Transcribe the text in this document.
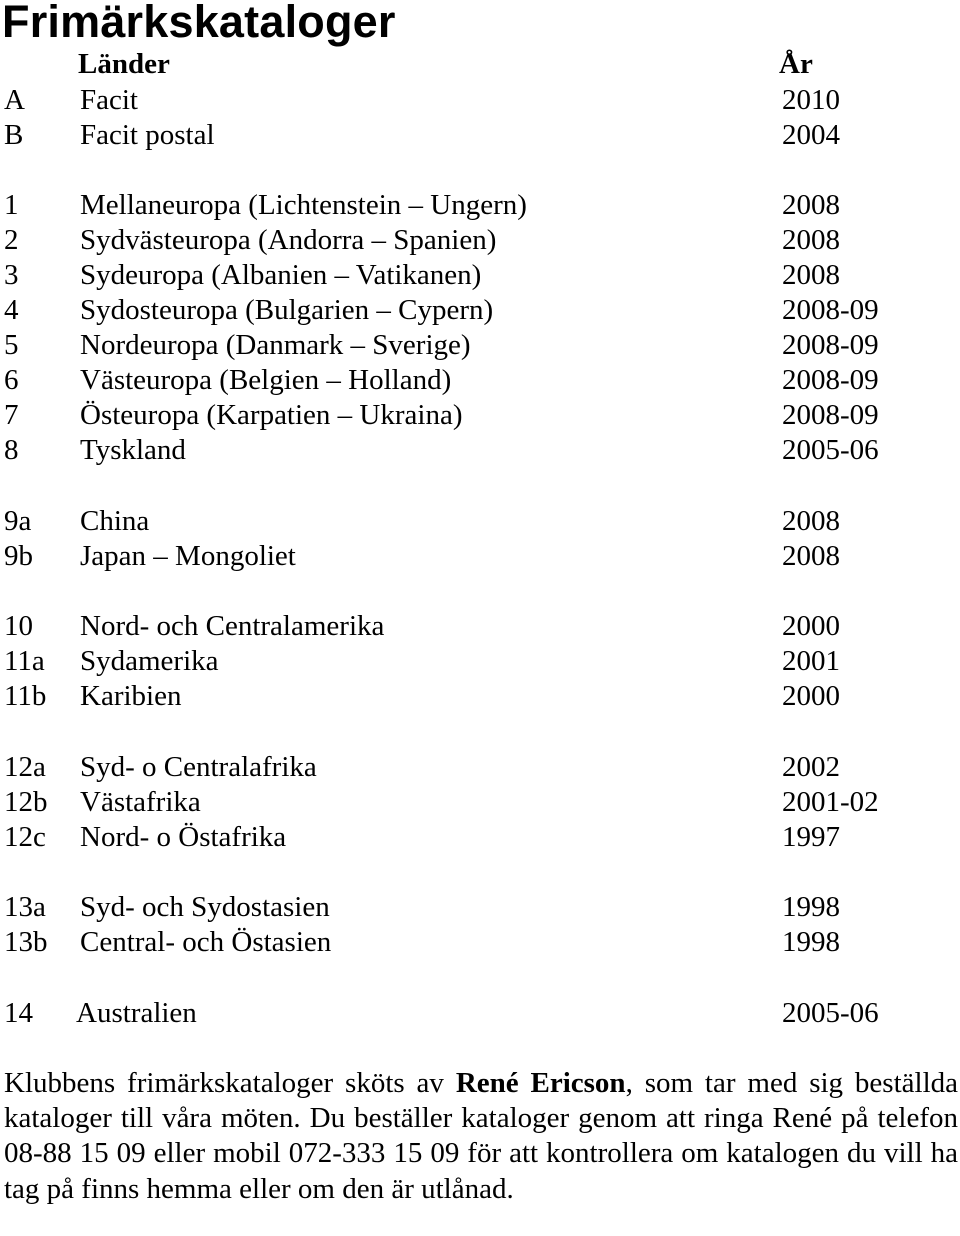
Frimärkskataloger
Länder	År
A Facit	2010
B Facit postal	2004
1 Mellaneuropa (Lichtenstein – Ungern)	2008
2 Sydvästeuropa (Andorra – Spanien)	2008
3 Sydeuropa (Albanien – Vatikanen)	2008
4 Sydosteuropa (Bulgarien – Cypern)	2008-09
5 Nordeuropa (Danmark – Sverige)	2008-09
6 Västeuropa (Belgien – Holland)	2008-09
7 Östeuropa (Karpatien – Ukraina)	2008-09
8 Tyskland	2005-06
9a China	2008
9b Japan – Mongoliet	2008
10 Nord- och Centralamerika	2000
11a Sydamerika	2001
11b Karibien	2000
12a Syd- o Centralafrika	2002
12b Västafrika	2001-02
12c Nord- o Östafrika	1997
13a Syd- och Sydostasien	1998
13b Central- och Östasien	1998
14 Australien	2005-06

Klubbens frimärkskataloger sköts av René Ericson, som tar med sig beställda kataloger till våra möten. Du beställer kataloger genom att ringa René på telefon 08-88 15 09 eller mobil 072-333 15 09 för att kontrollera om katalogen du vill ha tag på finns hemma eller om den är utlånad.
